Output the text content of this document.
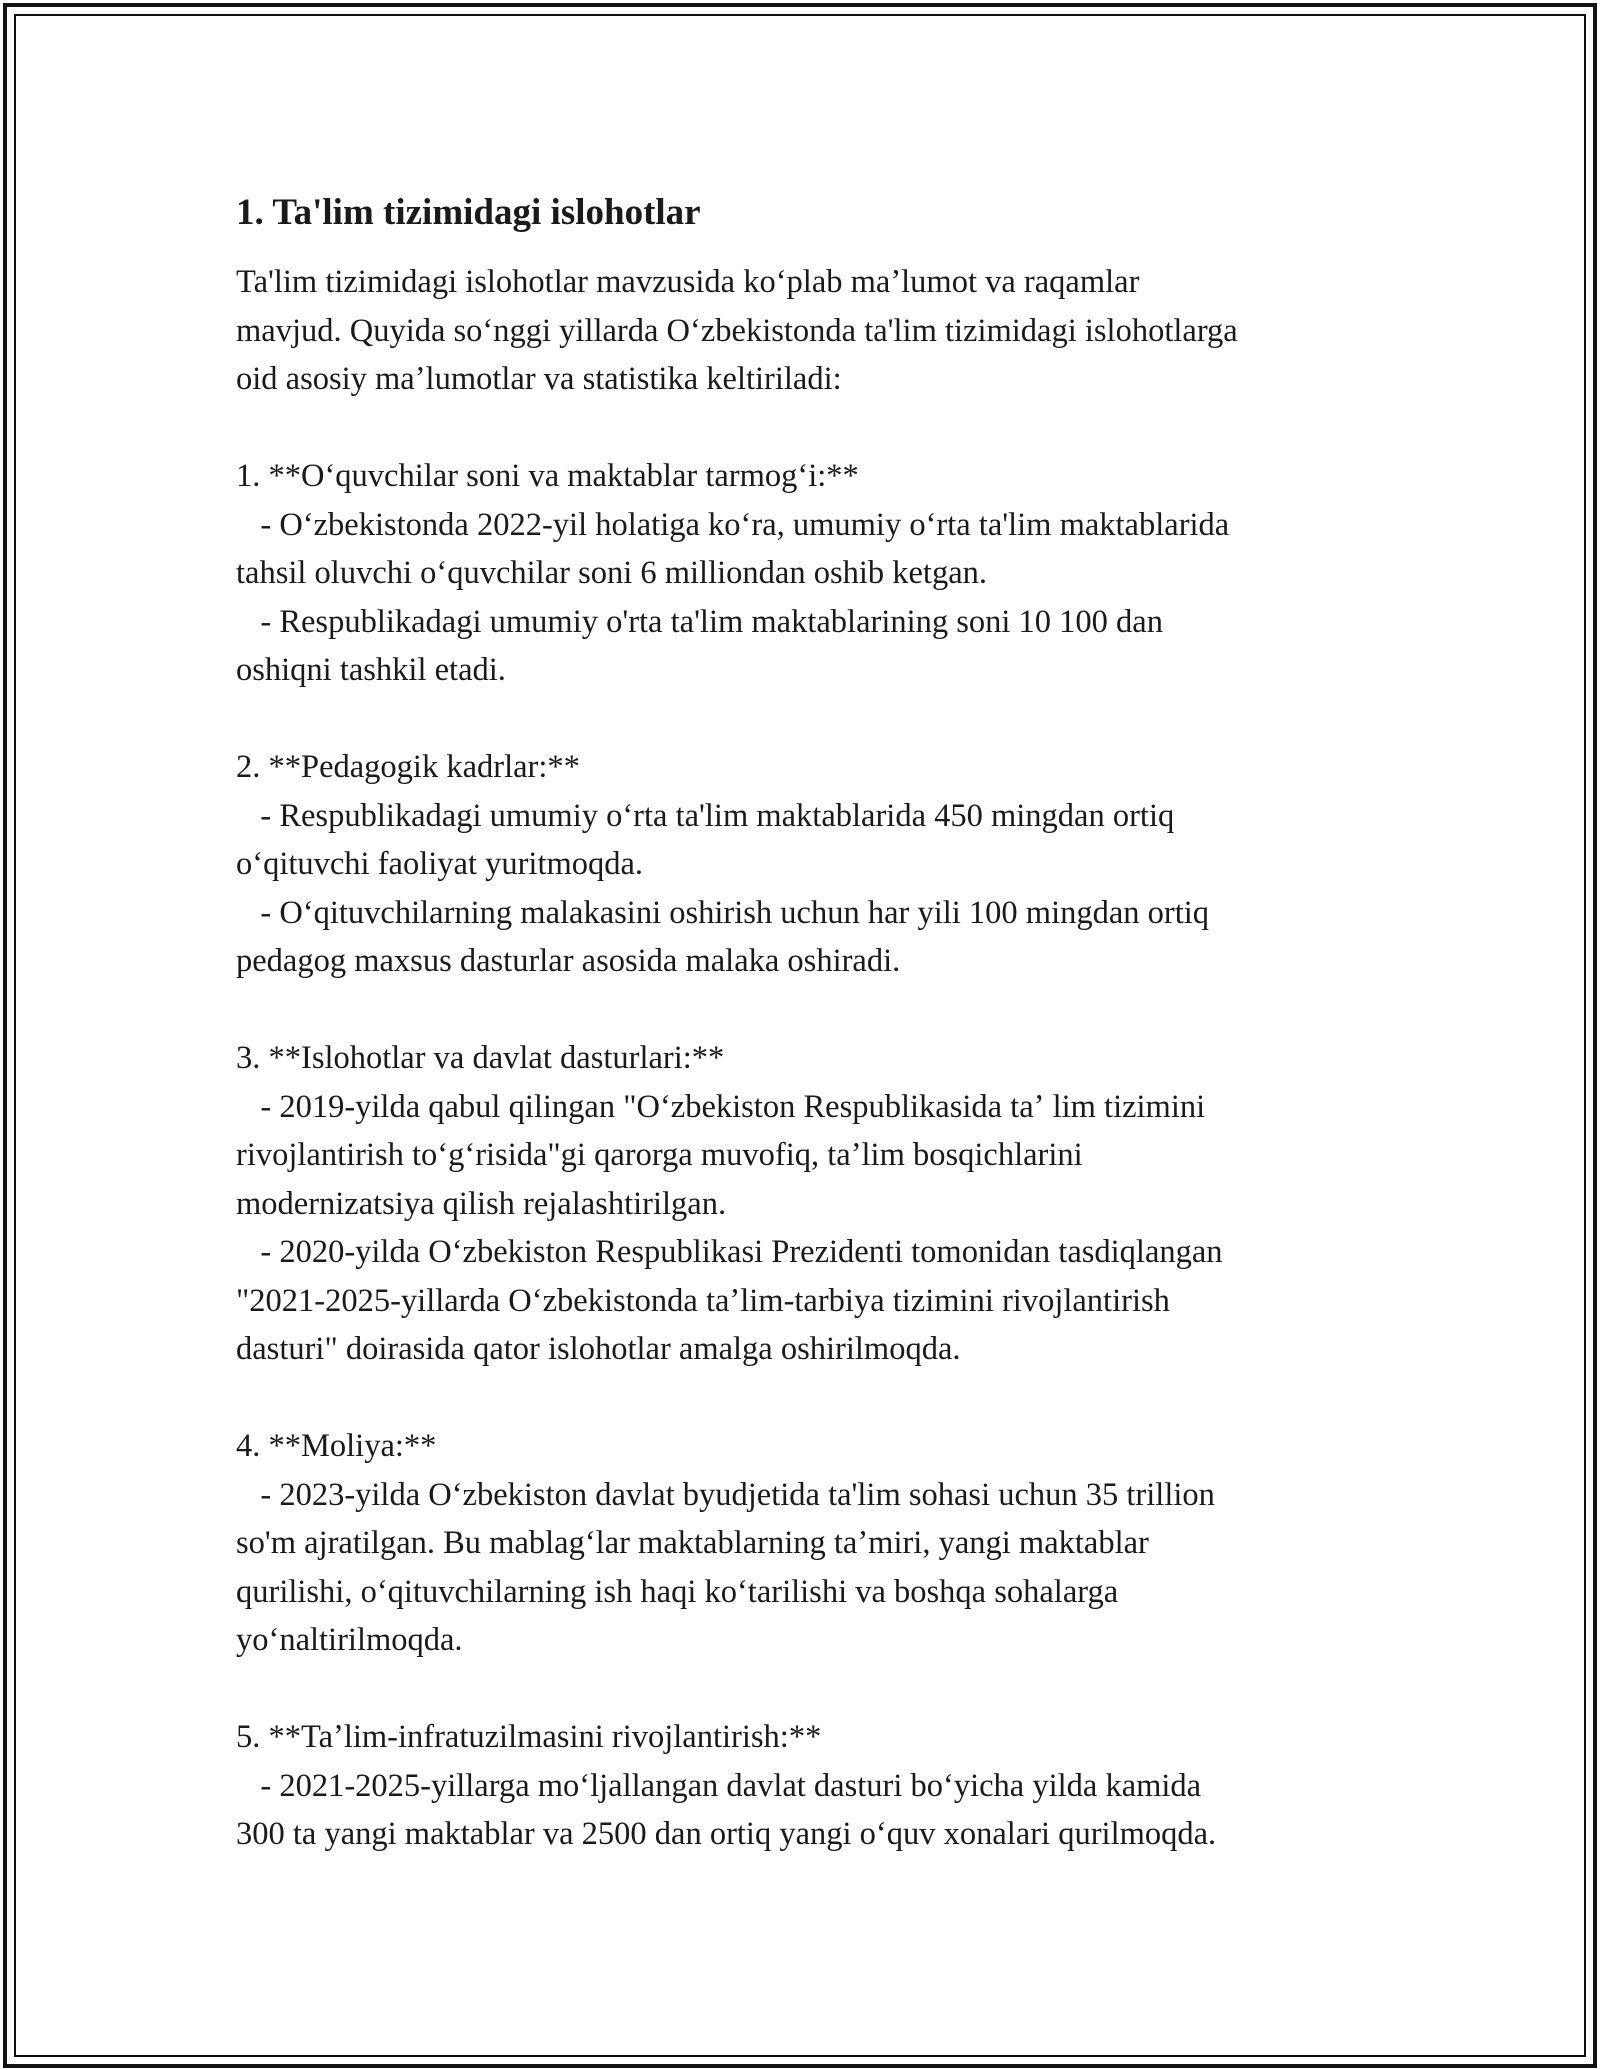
1. Ta'lim tizimidagi islohotlar
Ta'lim tizimidagi islohotlar mavzusida koʻplab maʼlumot va raqamlar
mavjud. Quyida soʻnggi yillarda Oʻzbekistonda ta'lim tizimidagi islohotlarga
oid asosiy maʼlumotlar va statistika keltiriladi:
1. **Oʻquvchilar soni va maktablar tarmogʻi:**
- Oʻzbekistonda 2022-yil holatiga koʻra, umumiy oʻrta ta'lim maktablarida
tahsil oluvchi oʻquvchilar soni 6 milliondan oshib ketgan.
- Respublikadagi umumiy o'rta ta'lim maktablarining soni 10 100 dan
oshiqni tashkil etadi.
2. **Pedagogik kadrlar:**
- Respublikadagi umumiy oʻrta ta'lim maktablarida 450 mingdan ortiq
oʻqituvchi faoliyat yuritmoqda.
- Oʻqituvchilarning malakasini oshirish uchun har yili 100 mingdan ortiq
pedagog maxsus dasturlar asosida malaka oshiradi.
3. **Islohotlar va davlat dasturlari:**
- 2019-yilda qabul qilingan "Oʻzbekiston Respublikasida taʼ lim tizimini
rivojlantirish toʻgʻrisida"gi qarorga muvofiq, taʼlim bosqichlarini
modernizatsiya qilish rejalashtirilgan.
- 2020-yilda Oʻzbekiston Respublikasi Prezidenti tomonidan tasdiqlangan
"2021-2025-yillarda Oʻzbekistonda taʼlim-tarbiya tizimini rivojlantirish
dasturi" doirasida qator islohotlar amalga oshirilmoqda.
4. **Moliya:**
- 2023-yilda Oʻzbekiston davlat byudjetida ta'lim sohasi uchun 35 trillion
so'm ajratilgan. Bu mablagʻlar maktablarning taʼmiri, yangi maktablar
qurilishi, oʻqituvchilarning ish haqi koʻtarilishi va boshqa sohalarga
yoʻnaltirilmoqda.
5. **Taʼlim-infratuzilmasini rivojlantirish:**
- 2021-2025-yillarga moʻljallangan davlat dasturi boʻyicha yilda kamida
300 ta yangi maktablar va 2500 dan ortiq yangi oʻquv xonalari qurilmoqda.
